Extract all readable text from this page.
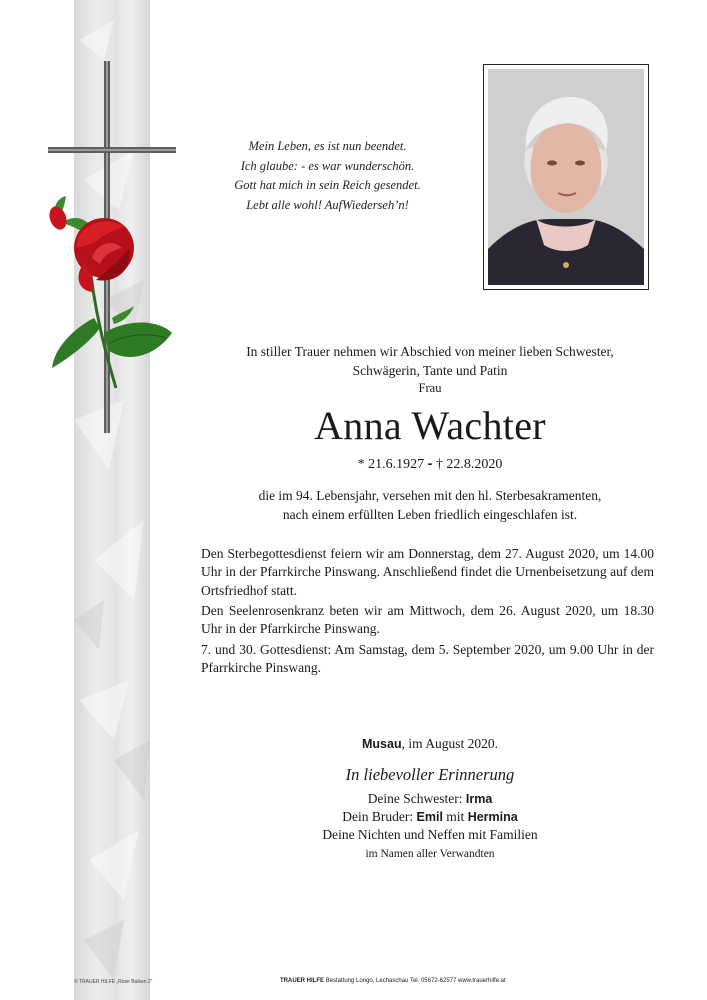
Mein Leben, es ist nun beendet.
Ich glaube: - es war wunderschön.
Gott hat mich in sein Reich gesendet.
Lebt alle wohl! AufWiederseh’n!
In stiller Trauer nehmen wir Abschied von meiner lieben Schwester,
Schwägerin, Tante und Patin
Frau
Anna Wachter
* 21.6.1927 - † 22.8.2020
die im 94. Lebensjahr, versehen mit den hl. Sterbesakramenten,
nach einem erfüllten Leben friedlich eingeschlafen ist.
Den Sterbegottesdienst feiern wir am Donnerstag, dem 27. August 2020, um 14.00 Uhr in der Pfarrkirche Pinswang. Anschließend findet die Urnenbeisetzung auf dem Ortsfriedhof statt.
Den Seelenrosenkranz beten wir am Mittwoch, dem 26. August 2020, um 18.30 Uhr in der Pfarrkirche Pinswang.
7. und 30. Gottesdienst: Am Samstag, dem 5. September 2020, um 9.00 Uhr in der Pfarrkirche Pinswang.
Musau, im August 2020.
In liebevoller Erinnerung
Deine Schwester: Irma
Dein Bruder: Emil mit Hermina
Deine Nichten und Neffen mit Familien
im Namen aller Verwandten
© TRAUER HILFE „Rose Balken 2“	TRAUER HILFE Bestattung Longo, Lechaschau Tel. 05672-62577 www.trauerhilfe.at
